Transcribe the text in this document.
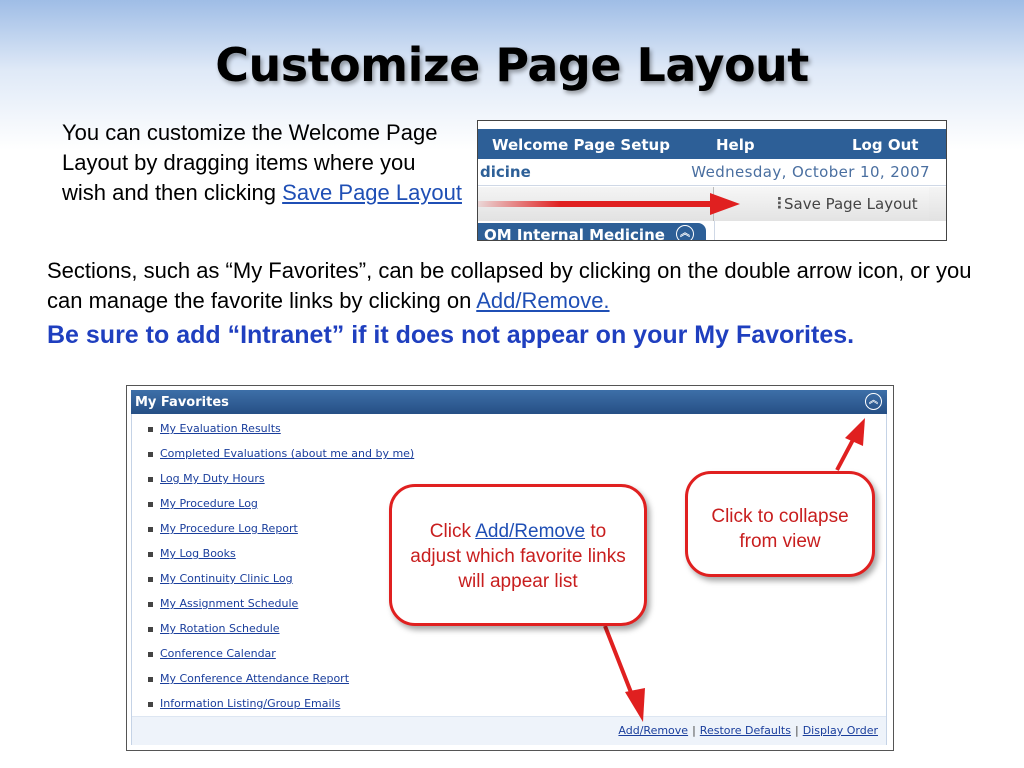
Customize Page Layout
You can customize the Welcome Page Layout by dragging items where you wish and then clicking Save Page Layout
Welcome Page Setup	Help	Log Out
dicine	Wednesday, October 10, 2007
⋮
Save Page Layout
OM Internal Medicine	︽
Sections, such as “My Favorites”, can be collapsed by clicking on the double arrow icon, or you can manage the favorite links by clicking on Add/Remove.
Be sure to add “Intranet” if it does not appear on your My Favorites.
My Favorites	︽
My Evaluation Results
Completed Evaluations (about me and by me)
Log My Duty Hours
My Procedure Log
My Procedure Log Report
My Log Books
My Continuity Clinic Log
My Assignment Schedule
My Rotation Schedule
Conference Calendar
My Conference Attendance Report
Information Listing/Group Emails
Add/Remove | Restore Defaults | Display Order
Click Add/Remove to adjust which favorite links will appear list
Click to collapse from view
